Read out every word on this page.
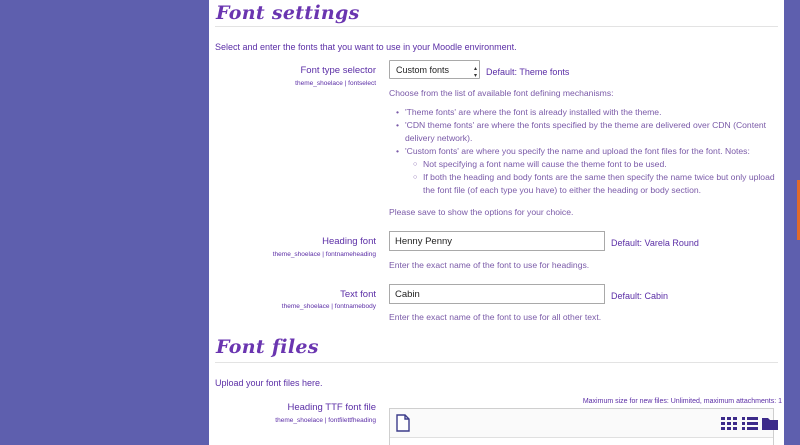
Font settings
Select and enter the fonts that you want to use in your Moodle environment.
Font type selector
theme_shoelace | fontselect
Custom fonts	▴
▾ Default: Theme fonts
Choose from the list of available font defining mechanisms:
• 'Theme fonts' are where the font is already installed with the theme.
• 'CDN theme fonts' are where the fonts specified by the theme are delivered over CDN (Content delivery network).
• 'Custom fonts' are where you specify the name and upload the font files for the font. Notes:
○ Not specifying a font name will cause the theme font to be used.
○ If both the heading and body fonts are the same then specify the name twice but only upload the font file (of each type you have) to either the heading or body section.
Please save to show the options for your choice.
Heading font
theme_shoelace | fontnameheading
Henny Penny	Default: Varela Round
Enter the exact name of the font to use for headings.
Text font
theme_shoelace | fontnamebody
Cabin	Default: Cabin
Enter the exact name of the font to use for all other text.
Font files
Upload your font files here.
Heading TTF font file
theme_shoelace | fontfilettfheading
Maximum size for new files: Unlimited, maximum attachments: 1
